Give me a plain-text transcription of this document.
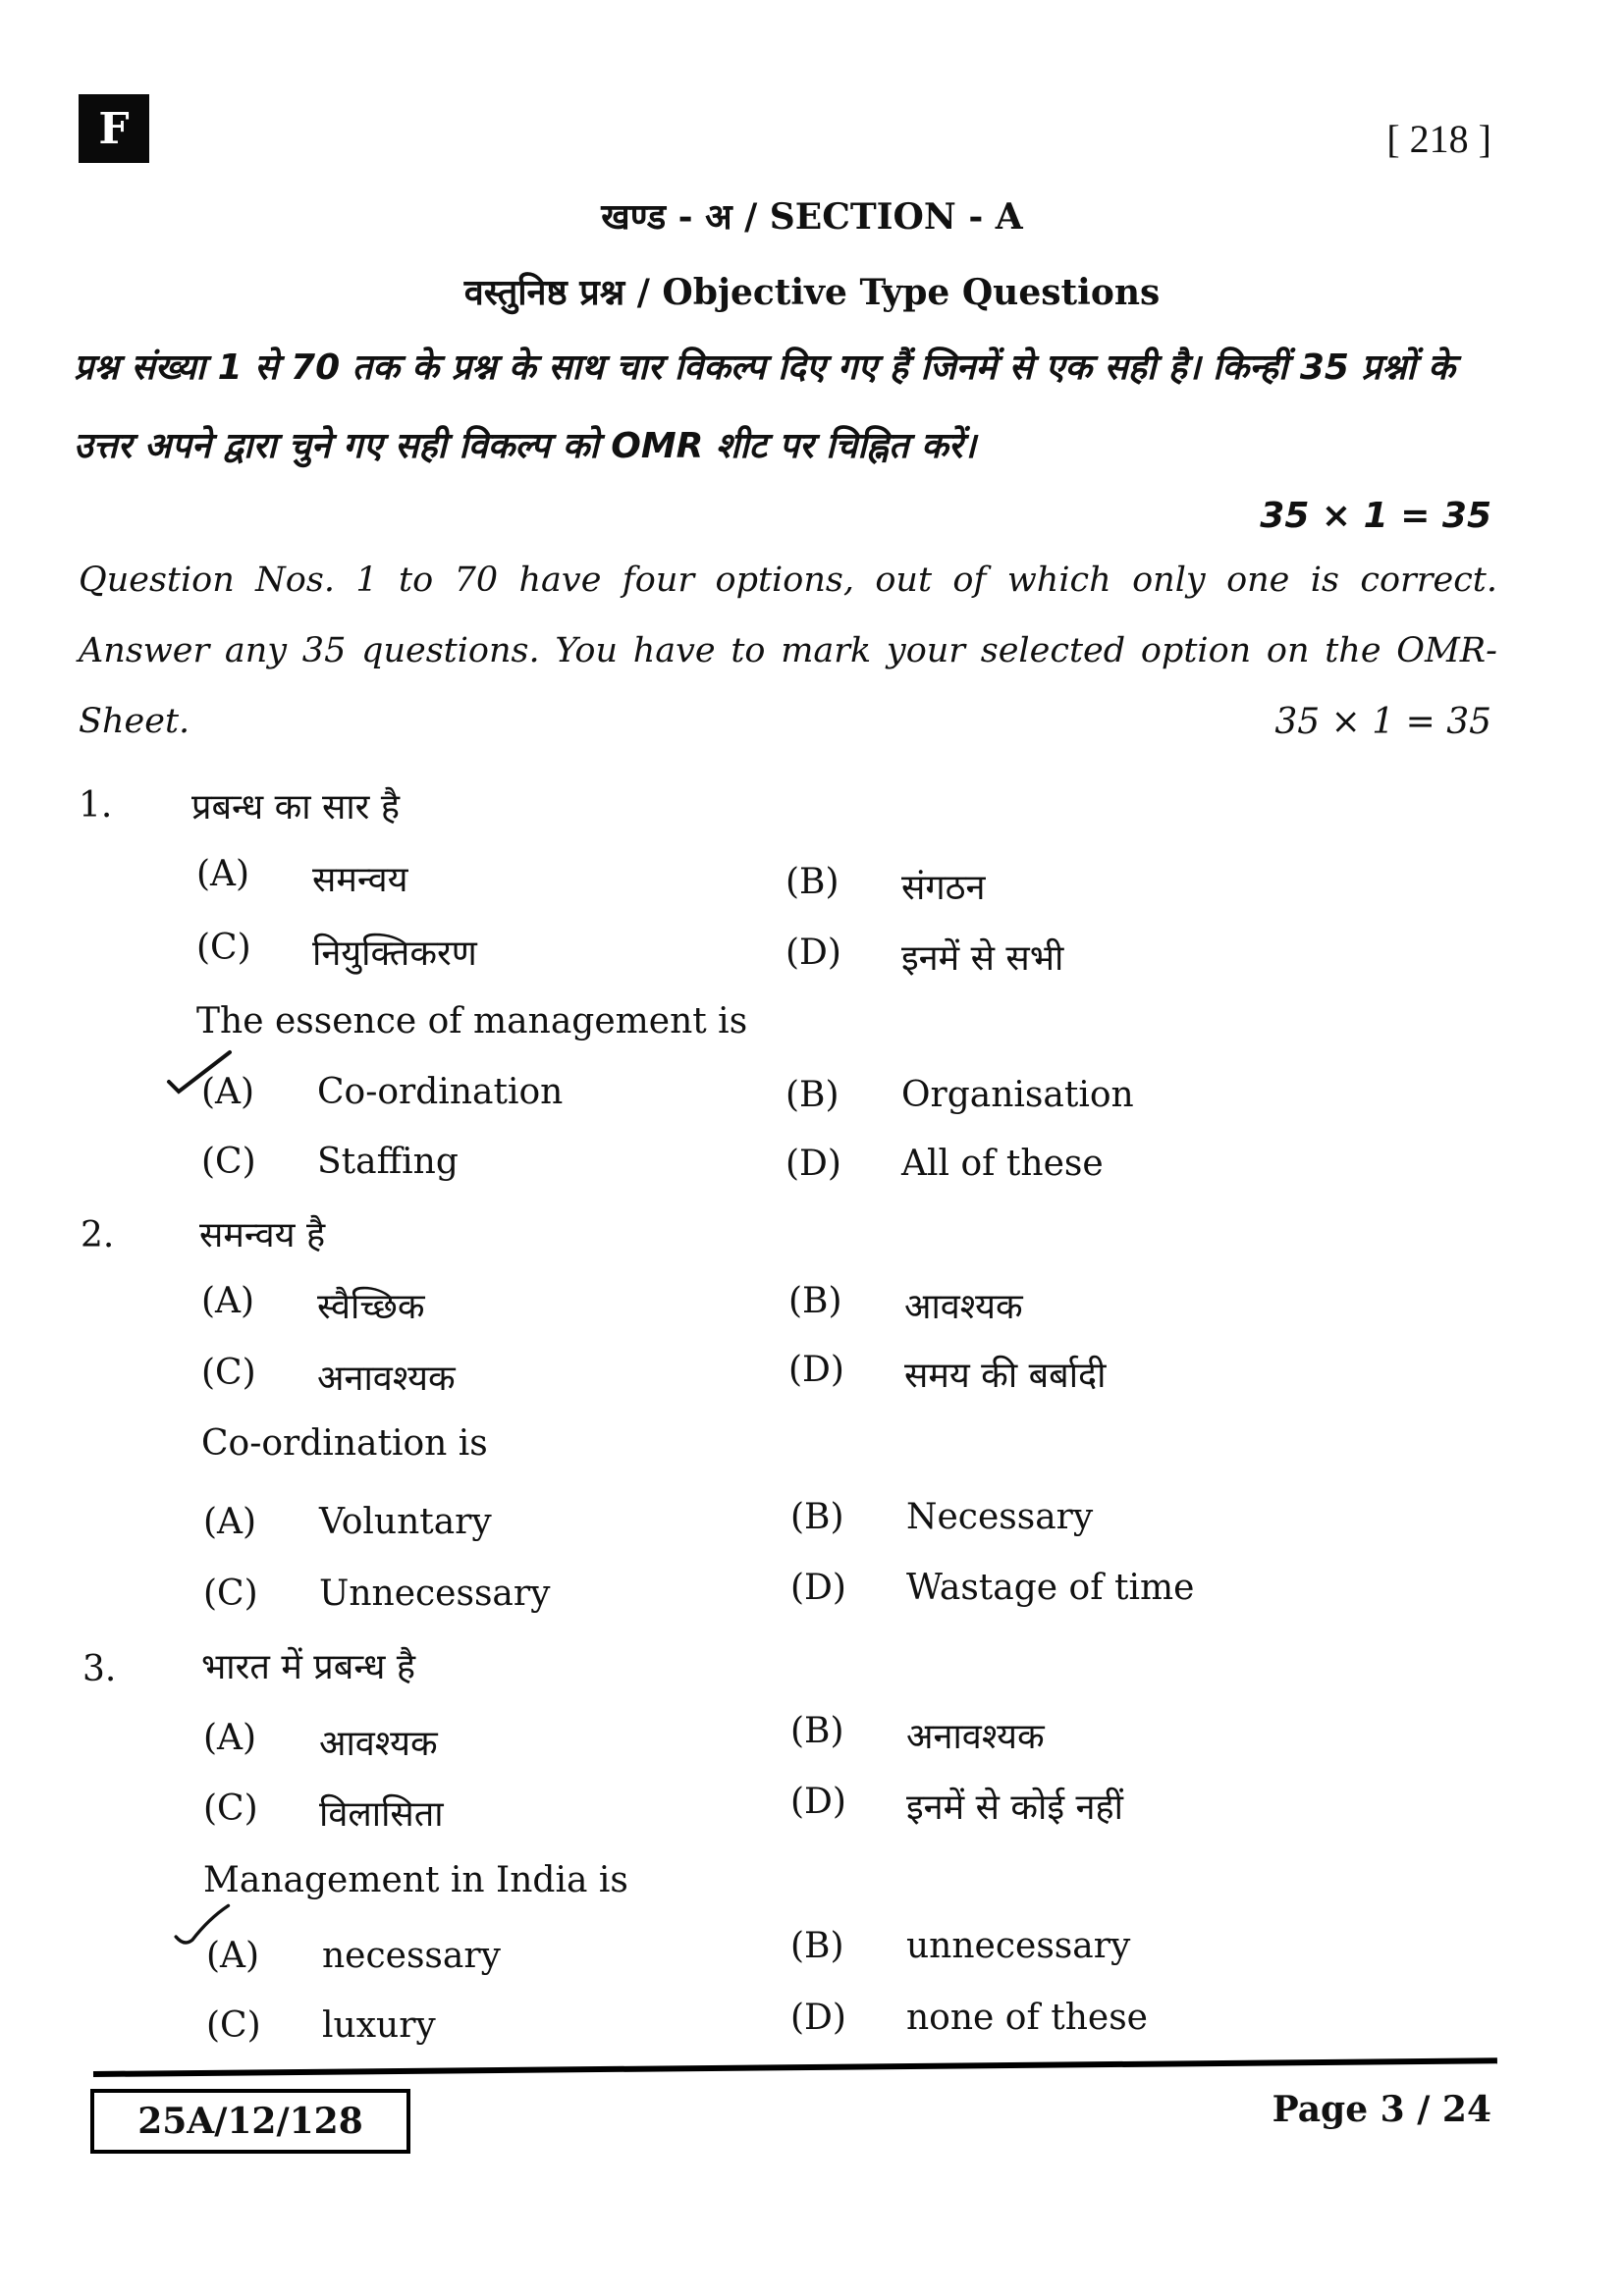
F	[ 218 ]
खण्ड - अ / SECTION - A
वस्तुनिष्ठ प्रश्न / Objective Type Questions
प्रश्न संख्या 1 से 70 तक के प्रश्न के साथ चार विकल्प दिए गए हैं जिनमें से एक सही है। किन्हीं 35 प्रश्नों के उत्तर अपने द्वारा चुने गए सही विकल्प को OMR शीट पर चिह्नित करें।
35 × 1 = 35
Question Nos. 1 to 70 have four options, out of which only one is correct. Answer any 35 questions. You have to mark your selected option on the OMR-Sheet.	35 × 1 = 35
1. प्रबन्ध का सार है
(A)	समन्वय	(B)	संगठन
(C)	नियुक्तिकरण	(D)	इनमें से सभी
The essence of management is
(A)	Co-ordination	(B)	Organisation
(C)	Staffing	(D)	All of these
2. समन्वय है
(A)	स्वैच्छिक	(B)	आवश्यक
(C)	अनावश्यक	(D)	समय की बर्बादी
Co-ordination is
(A)	Voluntary	(B)	Necessary
(C)	Unnecessary	(D)	Wastage of time
3. भारत में प्रबन्ध है
(A)	आवश्यक	(B)	अनावश्यक
(C)	विलासिता	(D)	इनमें से कोई नहीं
Management in India is
(A)	necessary	(B)	unnecessary
(C)	luxury	(D)	none of these
25A/12/128	Page 3 / 24
